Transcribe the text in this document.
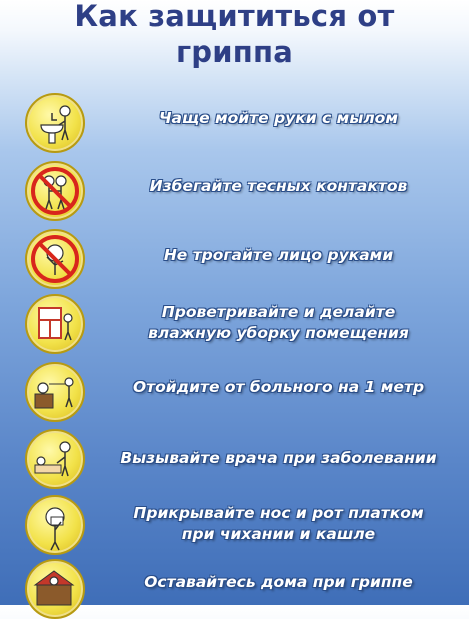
Как защититься от
гриппа
Чаще мойте руки с мылом
Избегайте тесных контактов
Не трогайте лицо руками
Проветривайте и делайте
влажную уборку помещения
Отойдите от больного на 1 метр
Вызывайте врача при заболевании
Прикрывайте нос и рот платком
при чихании и кашле
Оставайтесь дома при гриппе
